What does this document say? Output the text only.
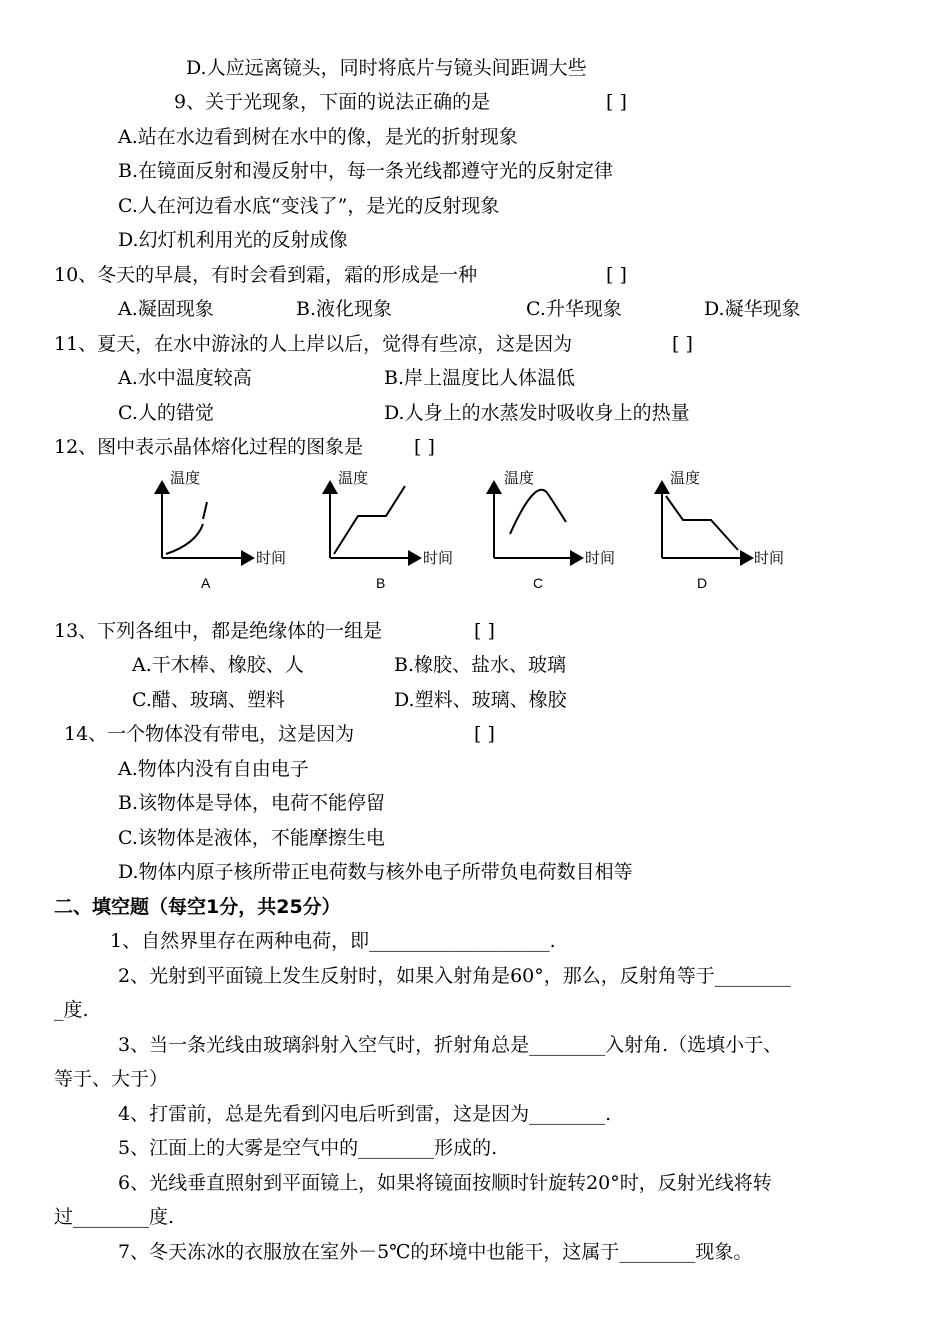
D.人应远离镜头，同时将底片与镜头间距调大些
9、关于光现象，下面的说法正确的是	[ ]
A.站在水边看到树在水中的像，是光的折射现象
B.在镜面反射和漫反射中，每一条光线都遵守光的反射定律
C.人在河边看水底“变浅了”，是光的反射现象
D.幻灯机利用光的反射成像
10、冬天的早晨，有时会看到霜，霜的形成是一种	[ ]
A.凝固现象	B.液化现象	C.升华现象	D.凝华现象
11、夏天，在水中游泳的人上岸以后，觉得有些凉，这是因为	[ ]
A.水中温度较高	B.岸上温度比人体温低
C.人的错觉	D.人身上的水蒸发时吸收身上的热量
12、图中表示晶体熔化过程的图象是	[ ]
温度
时间
A
温度
时间
B
温度
时间
C
温度
时间
D
13、下列各组中，都是绝缘体的一组是	[ ]
A.干木棒、橡胶、人	B.橡胶、盐水、玻璃
C.醋、玻璃、塑料	D.塑料、玻璃、橡胶
14、一个物体没有带电，这是因为	[ ]
A.物体内没有自由电子
B.该物体是导体，电荷不能停留
C.该物体是液体，不能摩擦生电
D.物体内原子核所带正电荷数与核外电子所带负电荷数目相等
二、填空题（每空1分，共25分）
1、自然界里存在两种电荷，即___________________.
2、光射到平面镜上发生反射时，如果入射角是60°，那么，反射角等于________
_度.
3、当一条光线由玻璃斜射入空气时，折射角总是________入射角.（选填小于、
等于、大于）
4、打雷前，总是先看到闪电后听到雷，这是因为________.
5、江面上的大雾是空气中的________形成的.
6、光线垂直照射到平面镜上，如果将镜面按顺时针旋转20°时，反射光线将转
过________度.
7、冬天冻冰的衣服放在室外－5℃的环境中也能干，这属于________现象。
